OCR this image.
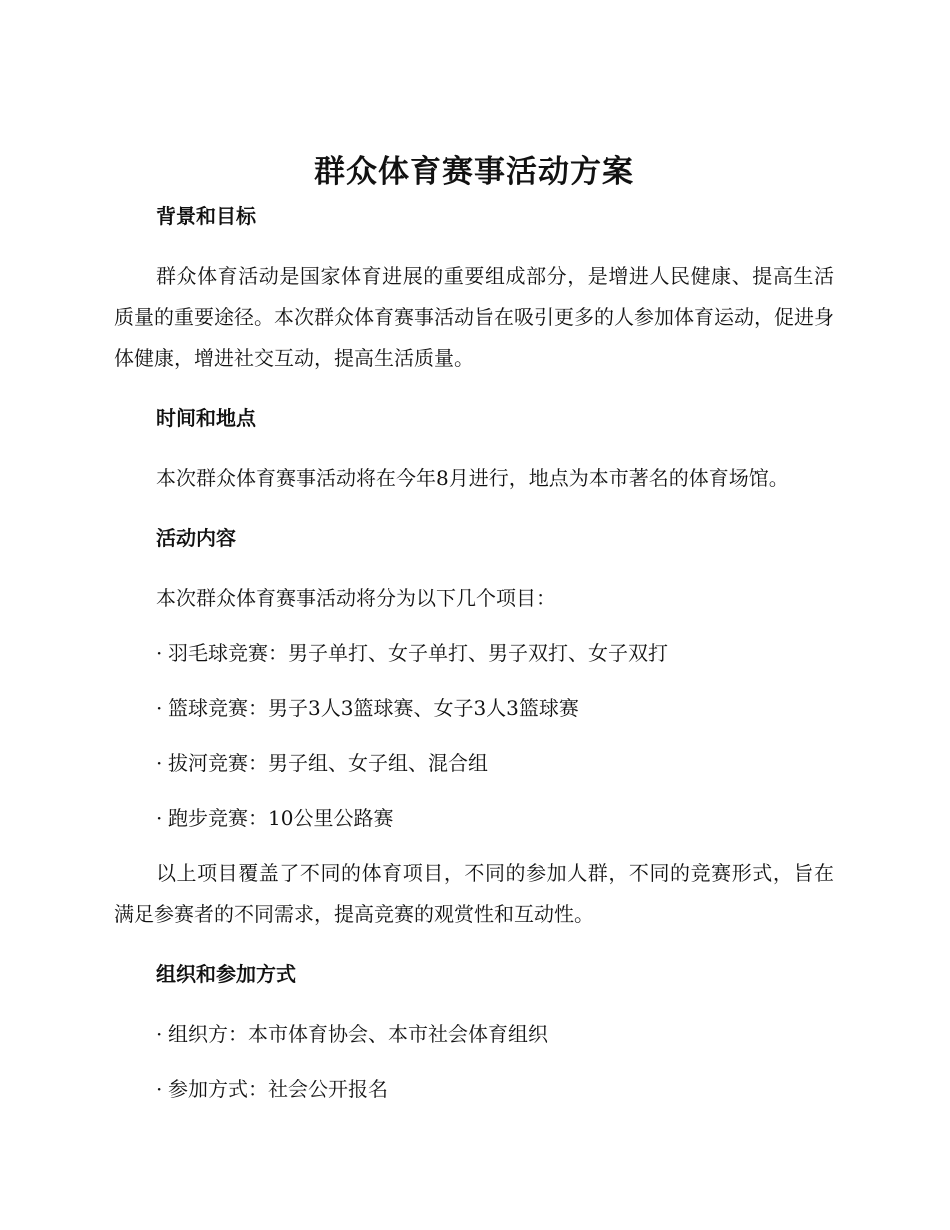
群众体育赛事活动方案
背景和目标

群众体育活动是国家体育进展的重要组成部分，是增进人民健康、提高生活质量的重要途径。本次群众体育赛事活动旨在吸引更多的人参加体育运动，促进身体健康，增进社交互动，提高生活质量。

时间和地点

本次群众体育赛事活动将在今年8月进行，地点为本市著名的体育场馆。

活动内容
本次群众体育赛事活动将分为以下几个项目：
· 羽毛球竞赛：男子单打、女子单打、男子双打、女子双打
· 篮球竞赛：男子3人3篮球赛、女子3人3篮球赛
· 拔河竞赛：男子组、女子组、混合组
· 跑步竞赛：10公里公路赛

以上项目覆盖了不同的体育项目，不同的参加人群，不同的竞赛形式，旨在满足参赛者的不同需求，提高竞赛的观赏性和互动性。

组织和参加方式
· 组织方：本市体育协会、本市社会体育组织
· 参加方式：社会公开报名
